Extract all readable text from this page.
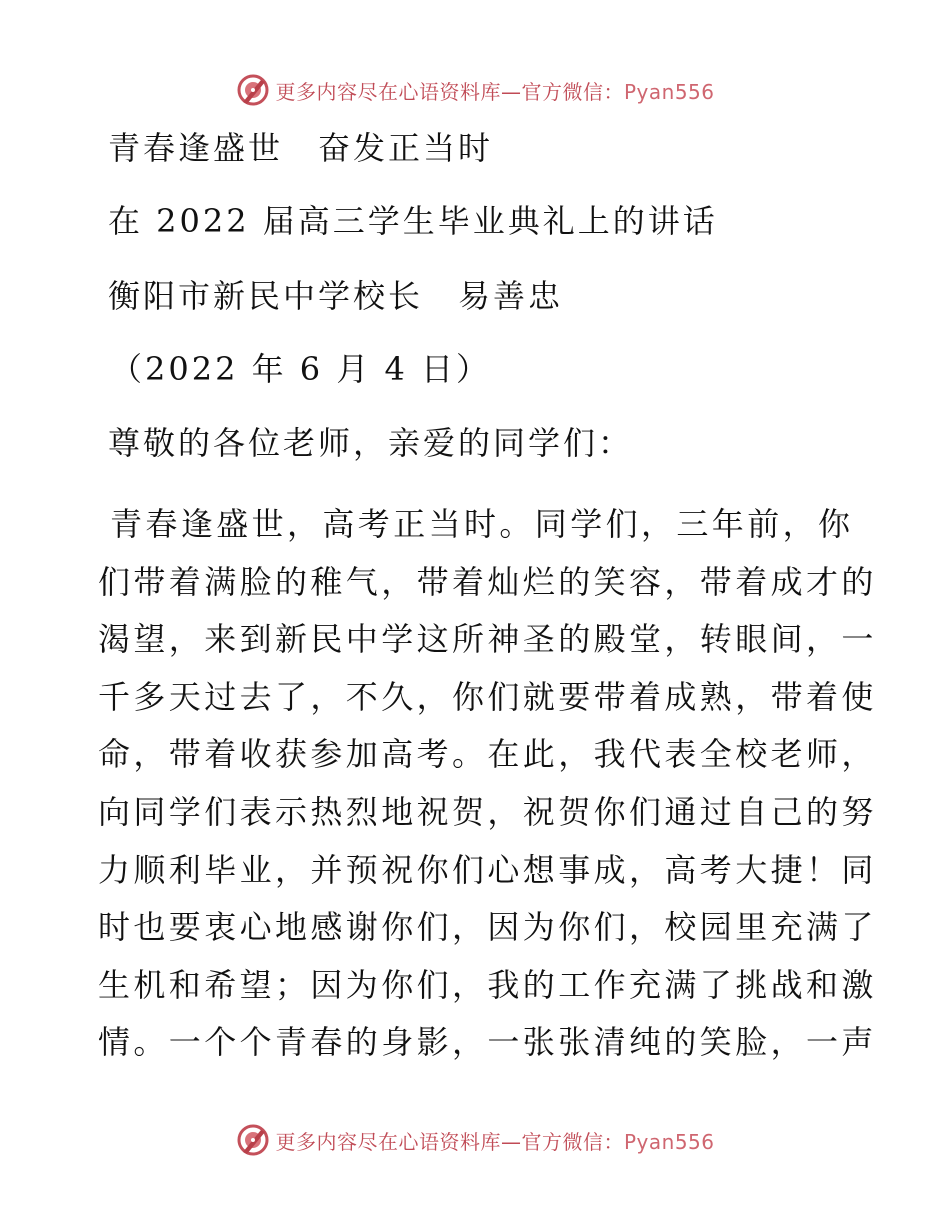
更多内容尽在心语资料库—官方微信：Pyan556
青春逢盛世　奋发正当时
在 2022 届高三学生毕业典礼上的讲话
衡阳市新民中学校长　易善忠
（2022 年 6 月 4 日）
尊敬的各位老师，亲爱的同学们：
青春逢盛世，高考正当时。同学们，三年前，你
们带着满脸的稚气，带着灿烂的笑容，带着成才的
渴望，来到新民中学这所神圣的殿堂，转眼间，一
千多天过去了，不久，你们就要带着成熟，带着使
命，带着收获参加高考。在此，我代表全校老师，
向同学们表示热烈地祝贺，祝贺你们通过自己的努
力顺利毕业，并预祝你们心想事成，高考大捷！同
时也要衷心地感谢你们，因为你们，校园里充满了
生机和希望；因为你们，我的工作充满了挑战和激
情。一个个青春的身影，一张张清纯的笑脸，一声
更多内容尽在心语资料库—官方微信：Pyan556
